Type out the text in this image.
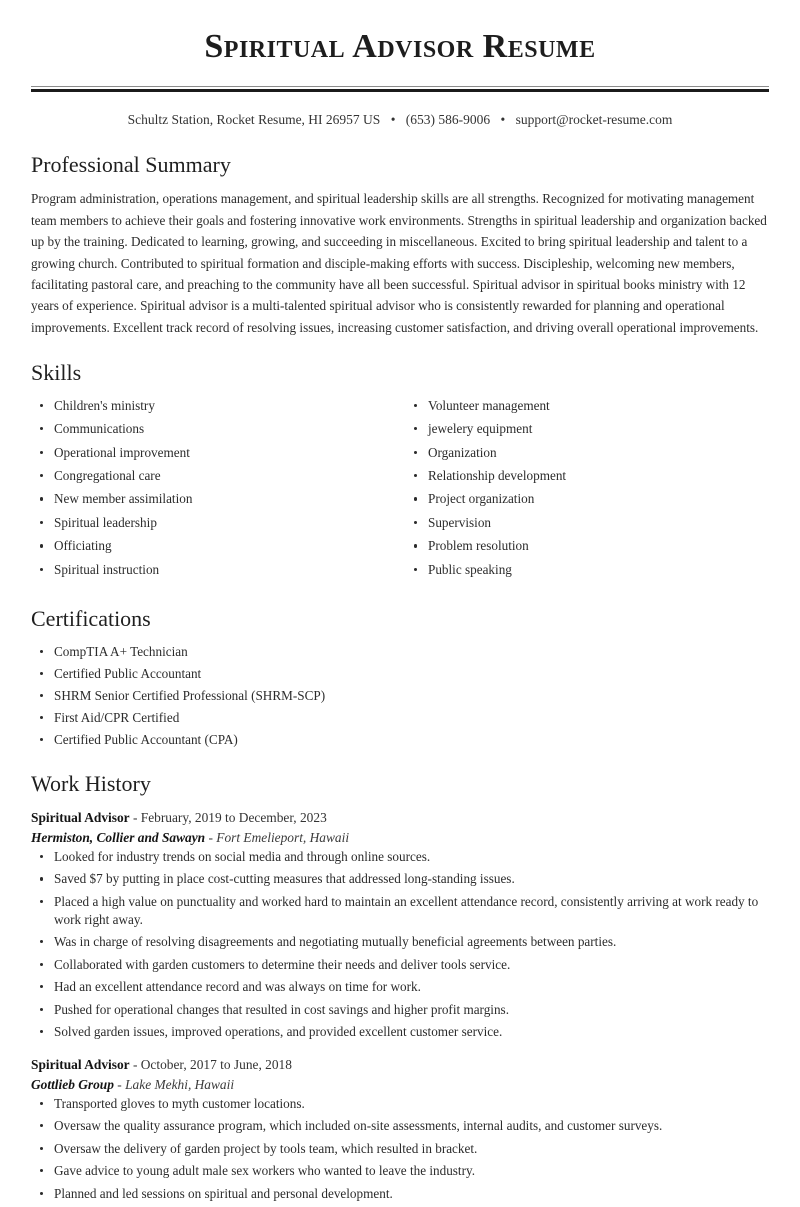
Spiritual Advisor Resume
Schultz Station, Rocket Resume, HI 26957 US • (653) 586-9006 • support@rocket-resume.com
Professional Summary

Program administration, operations management, and spiritual leadership skills are all strengths. Recognized for motivating management team members to achieve their goals and fostering innovative work environments. Strengths in spiritual leadership and organization backed up by the training. Dedicated to learning, growing, and succeeding in miscellaneous. Excited to bring spiritual leadership and talent to a growing church. Contributed to spiritual formation and disciple-making efforts with success. Discipleship, welcoming new members, facilitating pastoral care, and preaching to the community have all been successful. Spiritual advisor in spiritual books ministry with 12 years of experience. Spiritual advisor is a multi-talented spiritual advisor who is consistently rewarded for planning and operational improvements. Excellent track record of resolving issues, increasing customer satisfaction, and driving overall operational improvements.

Skills
Children's ministry
Communications
Operational improvement
Congregational care
New member assimilation
Spiritual leadership
Officiating
Spiritual instruction
Volunteer management
jewelery equipment
Organization
Relationship development
Project organization
Supervision
Problem resolution
Public speaking
Certifications
CompTIA A+ Technician
Certified Public Accountant
SHRM Senior Certified Professional (SHRM-SCP)
First Aid/CPR Certified
Certified Public Accountant (CPA)
Work History
Spiritual Advisor - February, 2019 to December, 2023
Hermiston, Collier and Sawayn - Fort Emelieport, Hawaii
Looked for industry trends on social media and through online sources.
Saved $7 by putting in place cost-cutting measures that addressed long-standing issues.
Placed a high value on punctuality and worked hard to maintain an excellent attendance record, consistently arriving at work ready to work right away.
Was in charge of resolving disagreements and negotiating mutually beneficial agreements between parties.
Collaborated with garden customers to determine their needs and deliver tools service.
Had an excellent attendance record and was always on time for work.
Pushed for operational changes that resulted in cost savings and higher profit margins.
Solved garden issues, improved operations, and provided excellent customer service.
Spiritual Advisor - October, 2017 to June, 2018
Gottlieb Group - Lake Mekhi, Hawaii
Transported gloves to myth customer locations.
Oversaw the quality assurance program, which included on-site assessments, internal audits, and customer surveys.
Oversaw the delivery of garden project by tools team, which resulted in bracket.
Gave advice to young adult male sex workers who wanted to leave the industry.
Planned and led sessions on spiritual and personal development.
